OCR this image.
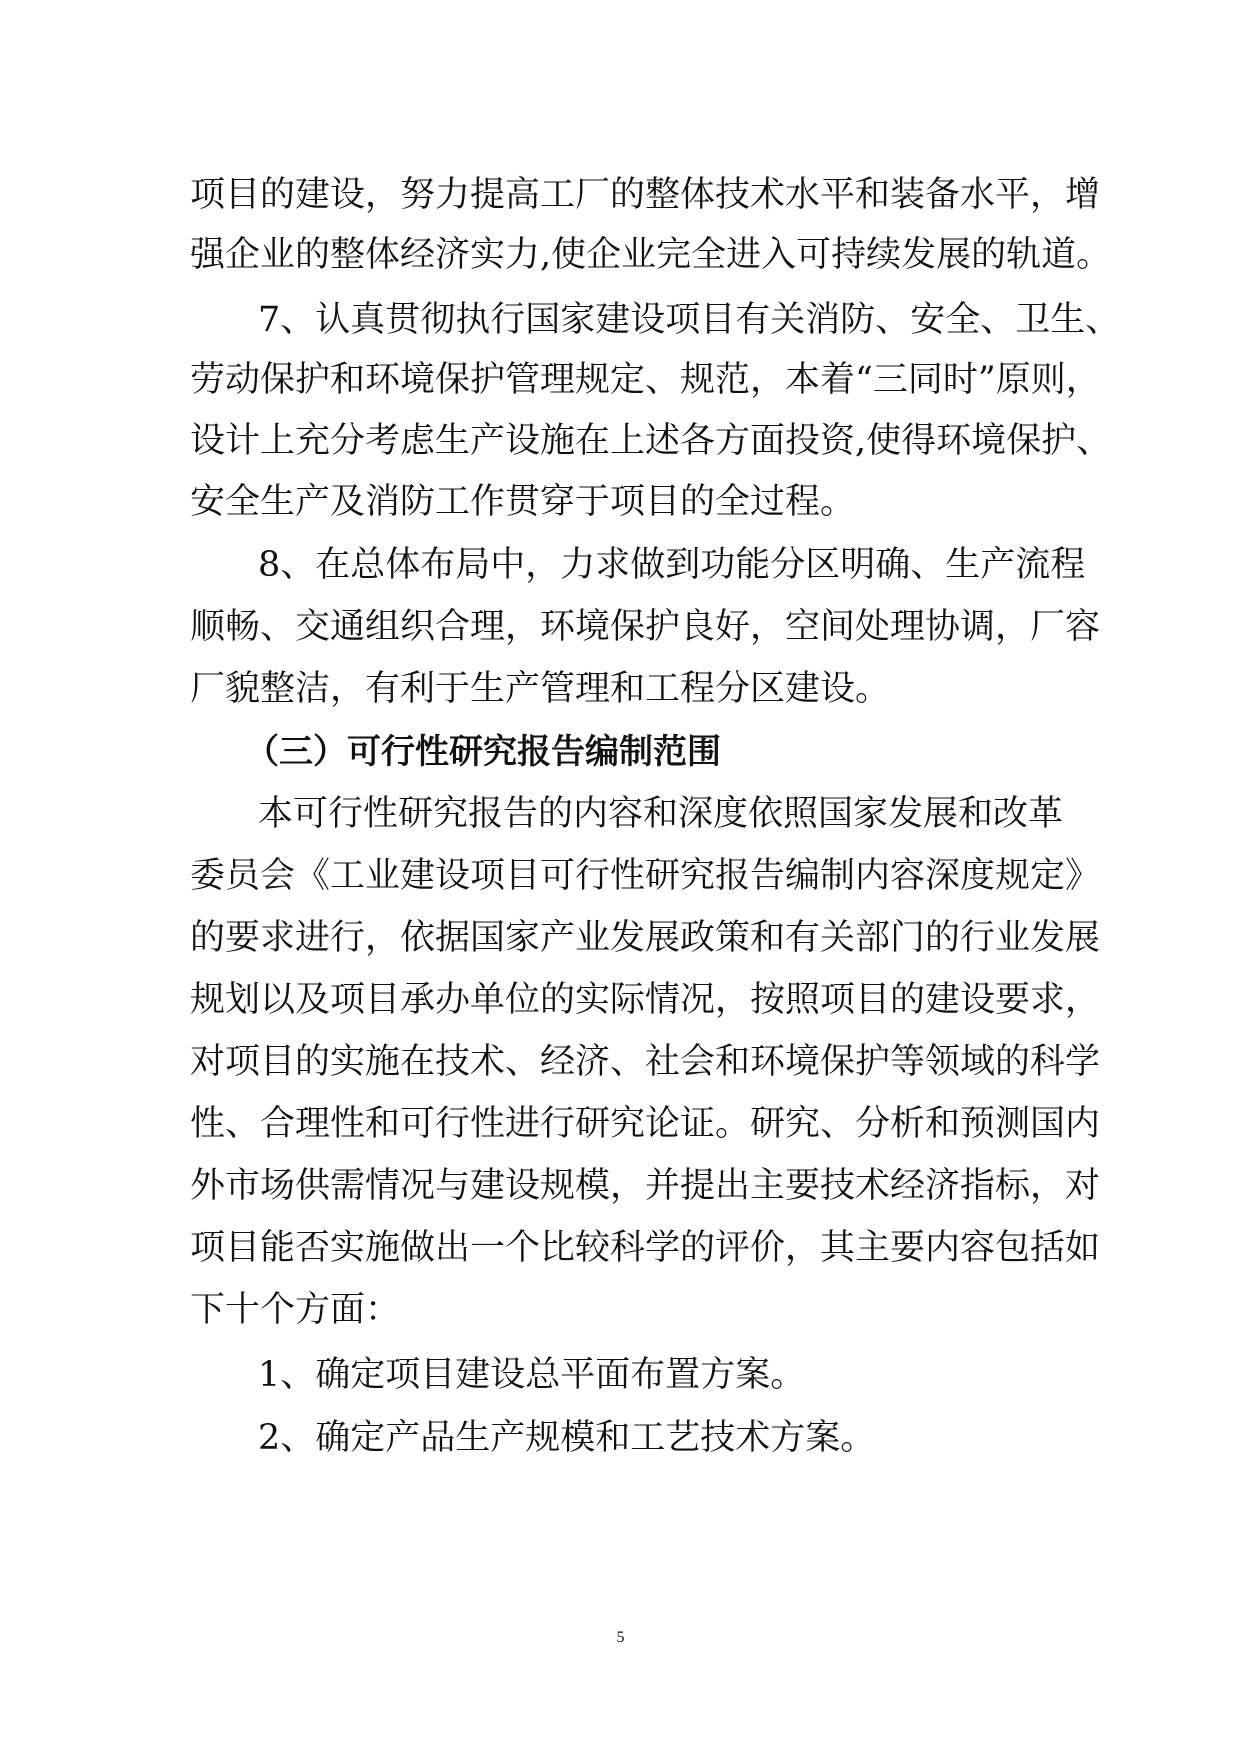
项目的建设，努力提高工厂的整体技术水平和装备水平，增
强企业的整体经济实力,使企业完全进入可持续发展的轨道。
7、认真贯彻执行国家建设项目有关消防、安全、卫生、
劳动保护和环境保护管理规定、规范，本着“三同时”原则，
设计上充分考虑生产设施在上述各方面投资,使得环境保护、
安全生产及消防工作贯穿于项目的全过程。
8、在总体布局中，力求做到功能分区明确、生产流程
顺畅、交通组织合理，环境保护良好，空间处理协调，厂容
厂貌整洁，有利于生产管理和工程分区建设。
（三）可行性研究报告编制范围
本可行性研究报告的内容和深度依照国家发展和改革
委员会《工业建设项目可行性研究报告编制内容深度规定》
的要求进行，依据国家产业发展政策和有关部门的行业发展
规划以及项目承办单位的实际情况，按照项目的建设要求，
对项目的实施在技术、经济、社会和环境保护等领域的科学
性、合理性和可行性进行研究论证。研究、分析和预测国内
外市场供需情况与建设规模，并提出主要技术经济指标，对
项目能否实施做出一个比较科学的评价，其主要内容包括如
下十个方面：
1、确定项目建设总平面布置方案。
2、确定产品生产规模和工艺技术方案。
5
